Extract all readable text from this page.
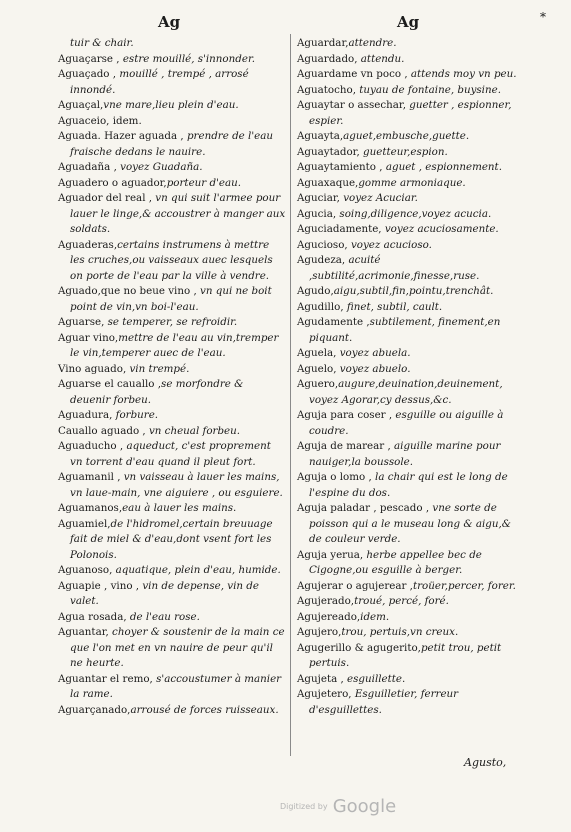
Ag	Ag	*

tuir & chair.

Aguaçarse , estre mouillé, s'innonder.

Aguaçado , mouillé , trempé , arrosé innondé.

Aguaçal,vne mare,lieu plein d'eau.

Aguaceio, idem.

Aguada. Hazer aguada , prendre de l'eau fraische dedans le nauire.

Aguadaña , voyez Guadaña.

Aguadero o aguador,porteur d'eau.

Aguador del real , vn qui suit l'armee pour lauer le linge,& accoustrer à manger aux soldats.

Aguaderas,certains instrumens à mettre les cruches,ou vaisseaux auec lesquels on porte de l'eau par la ville à vendre.

Aguado,que no beue vino , vn qui ne boit point de vin,vn boi-l'eau.

Aguarse, se temperer, se refroidir.

Aguar vino,mettre de l'eau au vin,tremper le vin,temperer auec de l'eau.

Vino aguado, vin trempé.

Aguarse el cauallo ,se morfondre & deuenir forbeu.

Aguadura, forbure.

Cauallo aguado , vn cheual forbeu.

Aguaducho , aqueduct, c'est proprement vn torrent d'eau quand il pleut fort.

Aguamanil , vn vaisseau à lauer les mains, vn laue-main, vne aiguiere , ou esguiere.

Aguamanos,eau à lauer les mains.

Aguamiel,de l'hidromel,certain breuuage fait de miel & d'eau,dont vsent fort les Polonois.

Aguanoso, aquatique, plein d'eau, humide.

Aguapie , vino , vin de depense, vin de valet.

Agua rosada, de l'eau rose.

Aguantar, choyer & soustenir de la main ce que l'on met en vn nauire de peur qu'il ne heurte.

Aguantar el remo, s'accoustumer à manier la rame.

Aguarçanado,arrousé de forces ruisseaux.

Aguardar,attendre.

Aguardado, attendu.

Aguardame vn poco , attends moy vn peu.

Aguatocho, tuyau de fontaine, buysine.

Aguaytar o assechar, guetter , espionner, espier.

Aguayta,aguet,embusche,guette.

Aguaytador, guetteur,espion.

Aguaytamiento , aguet , espionnement.

Aguaxaque,gomme armoniaque.

Aguciar, voyez Acuciar.

Agucia, soing,diligence,voyez acucia.

Aguciadamente, voyez acuciosamente.

Agucioso, voyez acucioso.

Agudeza, acuité ,subtilité,acrimonie,finesse,ruse.

Agudo,aigu,subtil,fin,pointu,trenchât.

Agudillo, finet, subtil, cault.

Agudamente ,subtilement, finement,en piquant.

Aguela, voyez abuela.

Aguelo, voyez abuelo.

Aguero,augure,deuination,deuinement, voyez Agorar,cy dessus,&c.

Aguja para coser , esguille ou aiguille à coudre.

Aguja de marear , aiguille marine pour nauiger,la boussole.

Aguja o lomo , la chair qui est le long de l'espine du dos.

Aguja paladar , pescado , vne sorte de poisson qui a le museau long & aigu,& de couleur verde.

Aguja yerua, herbe appellee bec de Cigogne,ou esguille à berger.

Agujerar o agujerear ,troüer,percer, forer.

Agujerado,troué, percé, foré.

Agujereado,idem.

Agujero,trou, pertuis,vn creux.

Agugerillo & agugerito,petit trou, petit pertuis.

Agujeta , esguillette.

Agujetero, Esguilletier, ferreur d'esguillettes.

Agusto,
Digitized by Google
